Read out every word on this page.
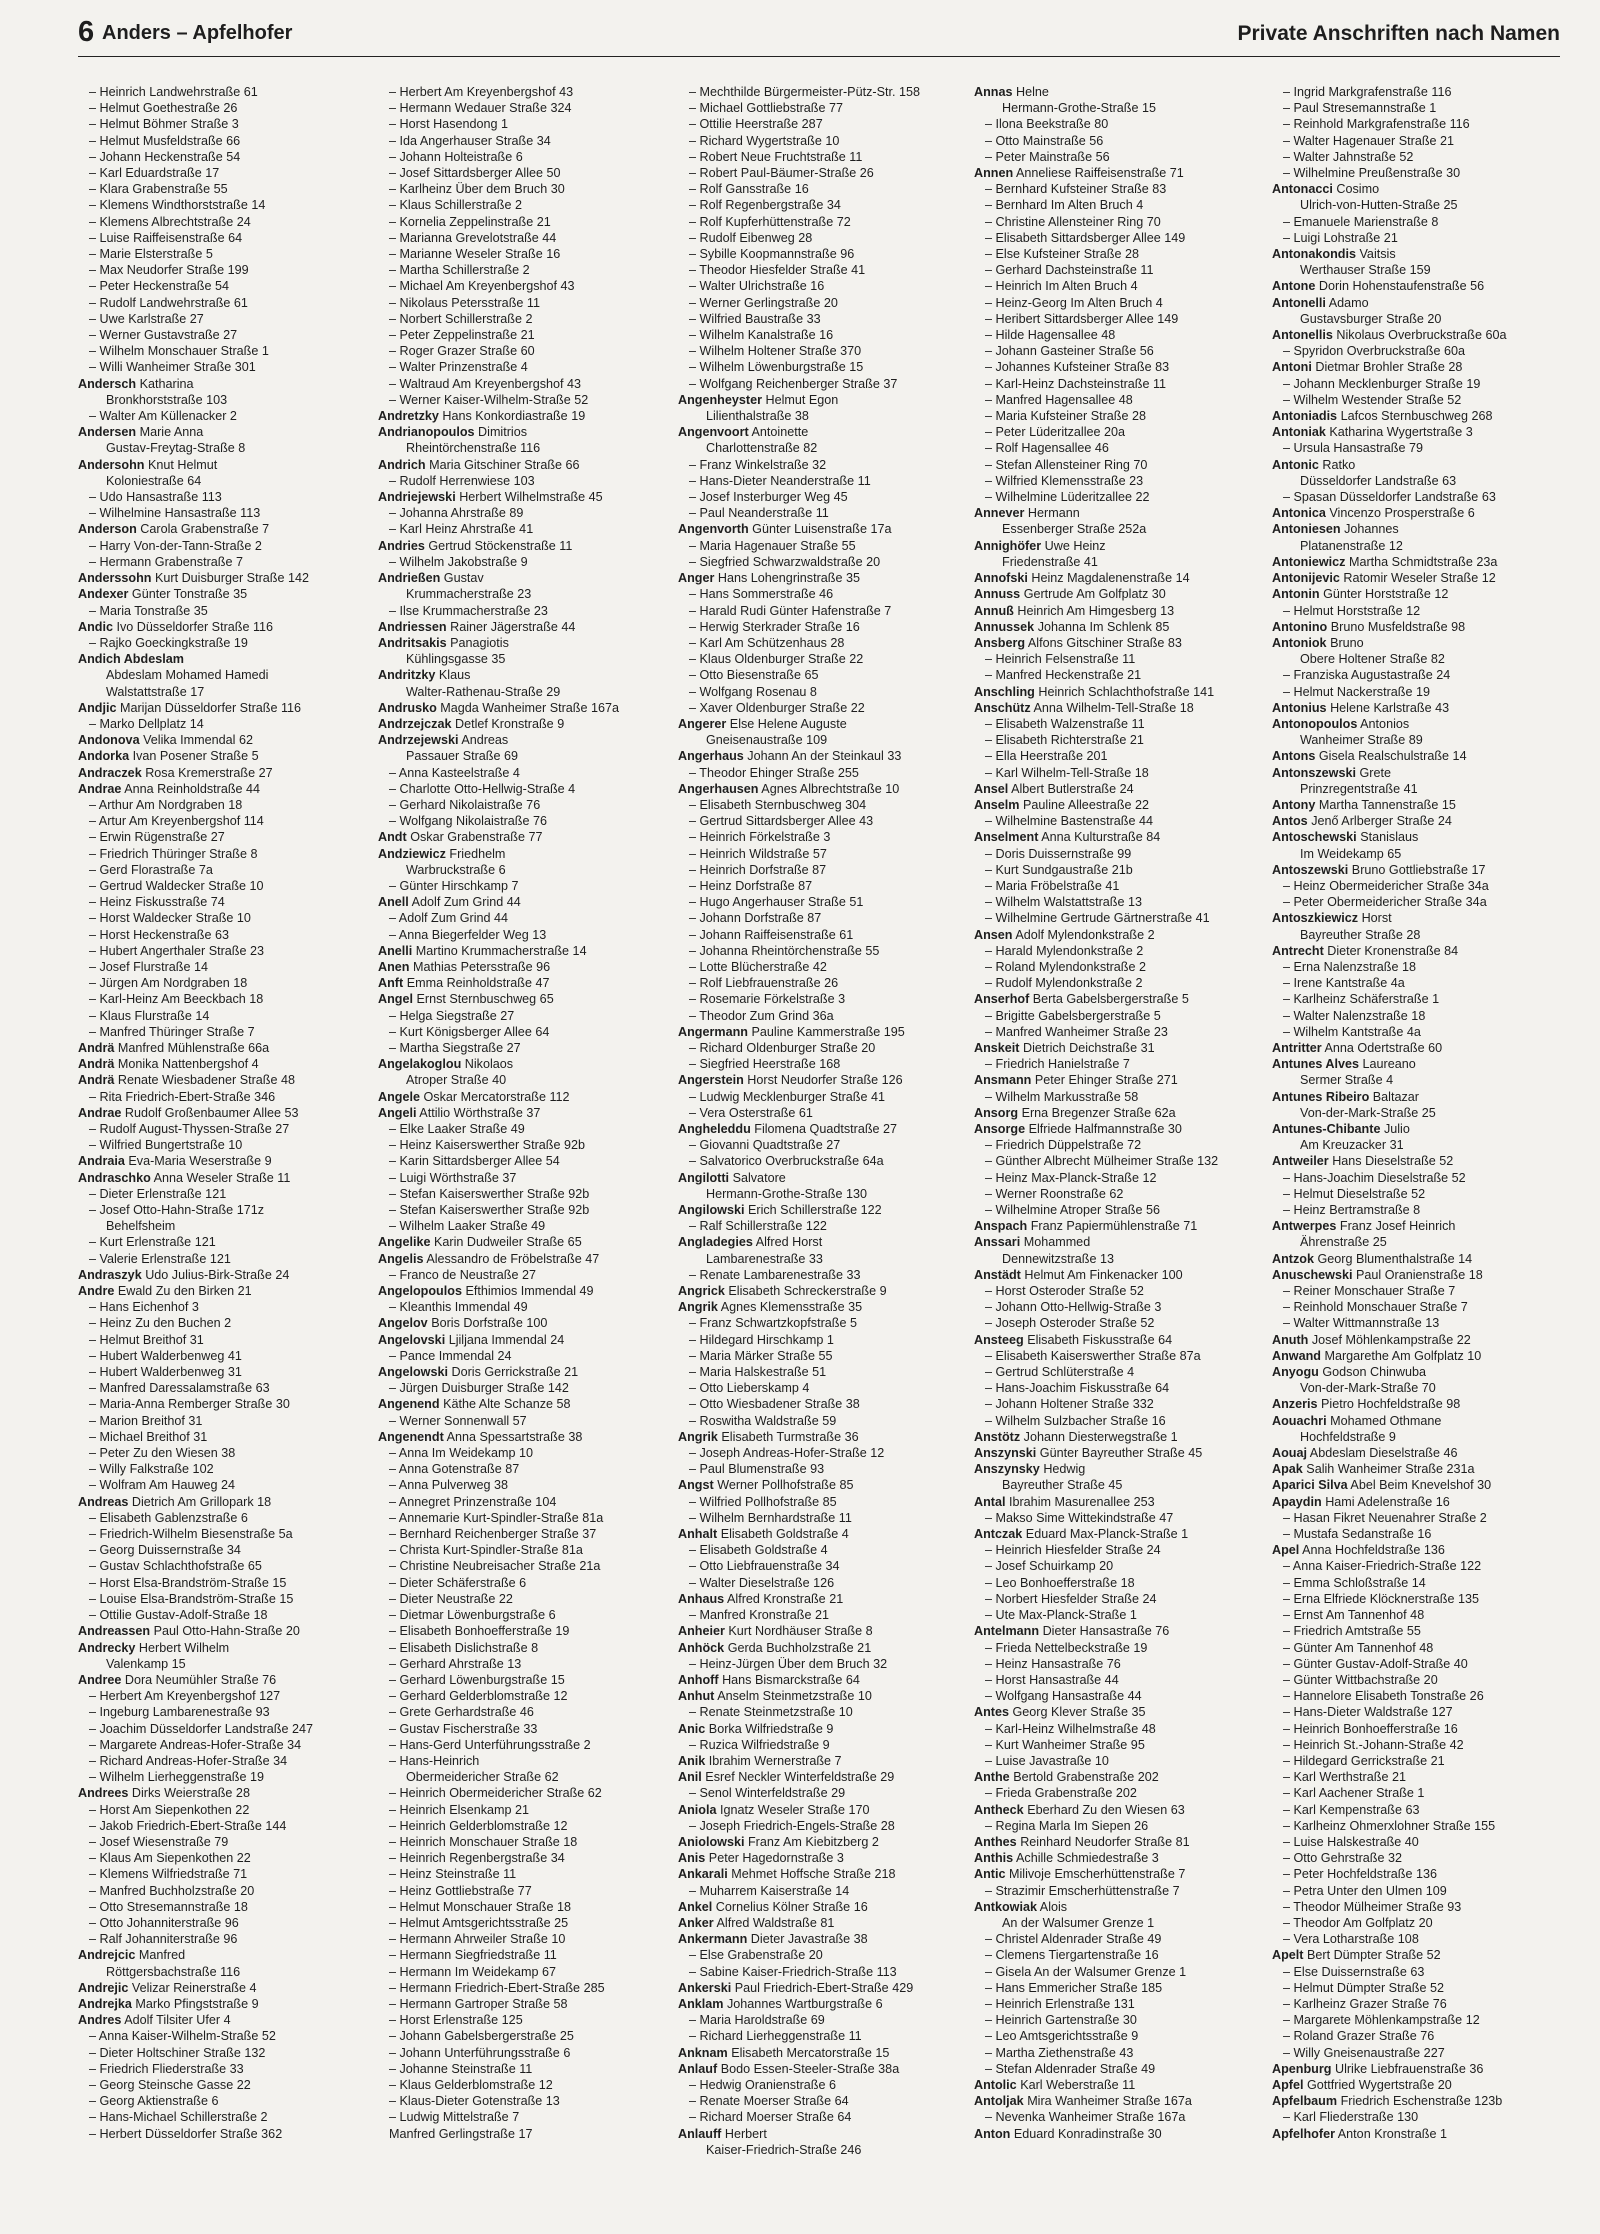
6 Anders – Apfelhofer	Private Anschriften nach Namen
– Heinrich Landwehrstraße 61
– Helmut Goethestraße 26
– Helmut Böhmer Straße 3
– Helmut Musfeldstraße 66
– Johann Heckenstraße 54
– Karl Eduardstraße 17
– Klara Grabenstraße 55
– Klemens Windthorststraße 14
– Klemens Albrechtstraße 24
– Luise Raiffeisenstraße 64
– Marie Elsterstraße 5
– Max Neudorfer Straße 199
– Peter Heckenstraße 54
– Rudolf Landwehrstraße 61
– Uwe Karlstraße 27
– Werner Gustavstraße 27
– Wilhelm Monschauer Straße 1
– Willi Wanheimer Straße 301
Andersch Katharina
Bronkhorststraße 103
– Walter Am Küllenacker 2
Andersen Marie Anna
Gustav-Freytag-Straße 8
Andersohn Knut Helmut
Koloniestraße 64
– Udo Hansastraße 113
– Wilhelmine Hansastraße 113
Anderson Carola Grabenstraße 7
– Harry Von-der-Tann-Straße 2
– Hermann Grabenstraße 7
Anderssohn Kurt Duisburger Straße 142
Andexer Günter Tonstraße 35
– Maria Tonstraße 35
Andic Ivo Düsseldorfer Straße 116
– Rajko Goeckingkstraße 19
Andich Abdeslam
Abdeslam Mohamed Hamedi
Walstattstraße 17
Andjic Marijan Düsseldorfer Straße 116
– Marko Dellplatz 14
Andonova Velika Immendal 62
Andorka Ivan Posener Straße 5
Andraczek Rosa Kremerstraße 27
Andrae Anna Reinholdstraße 44
– Arthur Am Nordgraben 18
– Artur Am Kreyenbergshof 114
– Erwin Rügenstraße 27
– Friedrich Thüringer Straße 8
– Gerd Florastraße 7a
– Gertrud Waldecker Straße 10
– Heinz Fiskusstraße 74
– Horst Waldecker Straße 10
– Horst Heckenstraße 63
– Hubert Angerthaler Straße 23
– Josef Flurstraße 14
– Jürgen Am Nordgraben 18
– Karl-Heinz Am Beeckbach 18
– Klaus Flurstraße 14
– Manfred Thüringer Straße 7
Andrä Manfred Mühlenstraße 66a
Andrä Monika Nattenbergshof 4
Andrä Renate Wiesbadener Straße 48
– Rita Friedrich-Ebert-Straße 346
Andrae Rudolf Großenbaumer Allee 53
– Rudolf August-Thyssen-Straße 27
– Wilfried Bungertstraße 10
Andraia Eva-Maria Weserstraße 9
Andraschko Anna Weseler Straße 11
– Dieter Erlenstraße 121
– Josef Otto-Hahn-Straße 171z
Behelfsheim
– Kurt Erlenstraße 121
– Valerie Erlenstraße 121
Andraszyk Udo Julius-Birk-Straße 24
Andre Ewald Zu den Birken 21
– Hans Eichenhof 3
– Heinz Zu den Buchen 2
– Helmut Breithof 31
– Hubert Walderbenweg 41
– Hubert Walderbenweg 31
– Manfred Daressalamstraße 63
– Maria-Anna Remberger Straße 30
– Marion Breithof 31
– Michael Breithof 31
– Peter Zu den Wiesen 38
– Willy Falkstraße 102
– Wolfram Am Hauweg 24
Andreas Dietrich Am Grillopark 18
– Elisabeth Gablenzstraße 6
– Friedrich-Wilhelm Biesenstraße 5a
– Georg Duissernstraße 34
– Gustav Schlachthofstraße 65
– Horst Elsa-Brandström-Straße 15
– Louise Elsa-Brandström-Straße 15
– Ottilie Gustav-Adolf-Straße 18
Andreassen Paul Otto-Hahn-Straße 20
Andrecky Herbert Wilhelm
Valenkamp 15
Andree Dora Neumühler Straße 76
– Herbert Am Kreyenbergshof 127
– Ingeburg Lambarenestraße 93
– Joachim Düsseldorfer Landstraße 247
– Margarete Andreas-Hofer-Straße 34
– Richard Andreas-Hofer-Straße 34
– Wilhelm Lierheggenstraße 19
Andrees Dirks Weierstraße 28
– Horst Am Siepenkothen 22
– Jakob Friedrich-Ebert-Straße 144
– Josef Wiesenstraße 79
– Klaus Am Siepenkothen 22
– Klemens Wilfriedstraße 71
– Manfred Buchholzstraße 20
– Otto Stresemannstraße 18
– Otto Johanniterstraße 96
– Ralf Johanniterstraße 96
Andrejcic Manfred
Röttgersbachstraße 116
Andrejic Velizar Reinerstraße 4
Andrejka Marko Pfingststraße 9
Andres Adolf Tilsiter Ufer 4
– Anna Kaiser-Wilhelm-Straße 52
– Dieter Holtschiner Straße 132
– Friedrich Fliederstraße 33
– Georg Steinsche Gasse 22
– Georg Aktienstraße 6
– Hans-Michael Schillerstraße 2
– Herbert Düsseldorfer Straße 362
– Herbert Am Kreyenbergshof 43
– Hermann Wedauer Straße 324
– Horst Hasendong 1
– Ida Angerhauser Straße 34
– Johann Holteistraße 6
– Josef Sittardsberger Allee 50
– Karlheinz Über dem Bruch 30
– Klaus Schillerstraße 2
– Kornelia Zeppelinstraße 21
– Marianna Grevelotstraße 44
– Marianne Weseler Straße 16
– Martha Schillerstraße 2
– Michael Am Kreyenbergshof 43
– Nikolaus Petersstraße 11
– Norbert Schillerstraße 2
– Peter Zeppelinstraße 21
– Roger Grazer Straße 60
– Walter Prinzenstraße 4
– Waltraud Am Kreyenbergshof 43
– Werner Kaiser-Wilhelm-Straße 52
Andretzky Hans Konkordiastraße 19
Andrianopoulos Dimitrios
Rheintörchenstraße 116
Andrich Maria Gitschiner Straße 66
– Rudolf Herrenwiese 103
Andriejewski Herbert Wilhelmstraße 45
– Johanna Ahrstraße 89
– Karl Heinz Ahrstraße 41
Andries Gertrud Stöckenstraße 11
– Wilhelm Jakobstraße 9
Andrießen Gustav
Krummacherstraße 23
– Ilse Krummacherstraße 23
Andriessen Rainer Jägerstraße 44
Andritsakis Panagiotis
Kühlingsgasse 35
Andritzky Klaus
Walter-Rathenau-Straße 29
Andrusko Magda Wanheimer Straße 167a
Andrzejczak Detlef Kronstraße 9
Andrzejewski Andreas
Passauer Straße 69
– Anna Kasteelstraße 4
– Charlotte Otto-Hellwig-Straße 4
– Gerhard Nikolaistraße 76
– Wolfgang Nikolaistraße 76
Andt Oskar Grabenstraße 77
Andziewicz Friedhelm
Warbruckstraße 6
– Günter Hirschkamp 7
Anell Adolf Zum Grind 44
– Adolf Zum Grind 44
– Anna Biegerfelder Weg 13
Anelli Martino Krummacherstraße 14
Anen Mathias Petersstraße 96
Anft Emma Reinholdstraße 47
Angel Ernst Sternbuschweg 65
– Helga Siegstraße 27
– Kurt Königsberger Allee 64
– Martha Siegstraße 27
Angelakoglou Nikolaos
Atroper Straße 40
Angele Oskar Mercatorstraße 112
Angeli Attilio Wörthstraße 37
– Elke Laaker Straße 49
– Heinz Kaiserswerther Straße 92b
– Karin Sittardsberger Allee 54
– Luigi Wörthstraße 37
– Stefan Kaiserswerther Straße 92b
– Stefan Kaiserswerther Straße 92b
– Wilhelm Laaker Straße 49
Angelike Karin Dudweiler Straße 65
Angelis Alessandro de Fröbelstraße 47
– Franco de Neustraße 27
Angelopoulos Efthimios Immendal 49
– Kleanthis Immendal 49
Angelov Boris Dorfstraße 100
Angelovski Ljiljana Immendal 24
– Pance Immendal 24
Angelowski Doris Gerrickstraße 21
– Jürgen Duisburger Straße 142
Angenend Käthe Alte Schanze 58
– Werner Sonnenwall 57
Angenendt Anna Spessartstraße 38
– Anna Im Weidekamp 10
– Anna Gotenstraße 87
– Anna Pulverweg 38
– Annegret Prinzenstraße 104
– Annemarie Kurt-Spindler-Straße 81a
– Bernhard Reichenberger Straße 37
– Christa Kurt-Spindler-Straße 81a
– Christine Neubreisacher Straße 21a
– Dieter Schäferstraße 6
– Dieter Neustraße 22
– Dietmar Löwenburgstraße 6
– Elisabeth Bonhoefferstraße 19
– Elisabeth Dislichstraße 8
– Gerhard Ahrstraße 13
– Gerhard Löwenburgstraße 15
– Gerhard Gelderblomstraße 12
– Grete Gerhardstraße 46
– Gustav Fischerstraße 33
– Hans-Gerd Unterführungsstraße 2
– Hans-Heinrich
Obermeidericher Straße 62
– Heinrich Obermeidericher Straße 62
– Heinrich Elsenkamp 21
– Heinrich Gelderblomstraße 12
– Heinrich Monschauer Straße 18
– Heinrich Regenbergstraße 34
– Heinz Steinstraße 11
– Heinz Gottliebstraße 77
– Helmut Monschauer Straße 18
– Helmut Amtsgerichtsstraße 25
– Hermann Ahrweiler Straße 10
– Hermann Siegfriedstraße 11
– Hermann Im Weidekamp 67
– Hermann Friedrich-Ebert-Straße 285
– Hermann Gartroper Straße 58
– Horst Erlenstraße 125
– Johann Gabelsbergerstraße 25
– Johann Unterführungsstraße 6
– Johanne Steinstraße 11
– Klaus Gelderblomstraße 12
– Klaus-Dieter Gotenstraße 13
– Ludwig Mittelstraße 7
Manfred Gerlingstraße 17
– Mechthilde Bürgermeister-Pütz-Str. 158
– Michael Gottliebstraße 77
– Ottilie Heerstraße 287
– Richard Wygertstraße 10
– Robert Neue Fruchtstraße 11
– Robert Paul-Bäumer-Straße 26
– Rolf Gansstraße 16
– Rolf Regenbergstraße 34
– Rolf Kupferhüttenstraße 72
– Rudolf Eibenweg 28
– Sybille Koopmannstraße 96
– Theodor Hiesfelder Straße 41
– Walter Ulrichstraße 16
– Werner Gerlingstraße 20
– Wilfried Baustraße 33
– Wilhelm Kanalstraße 16
– Wilhelm Holtener Straße 370
– Wilhelm Löwenburgstraße 15
– Wolfgang Reichenberger Straße 37
Angenheyster Helmut Egon
Lilienthalstraße 38
Angenvoort Antoinette
Charlottenstraße 82
– Franz Winkelstraße 32
– Hans-Dieter Neanderstraße 11
– Josef Insterburger Weg 45
– Paul Neanderstraße 11
Angenvorth Günter Luisenstraße 17a
– Maria Hagenauer Straße 55
– Siegfried Schwarzwaldstraße 20
Anger Hans Lohengrinstraße 35
– Hans Sommerstraße 46
– Harald Rudi Günter Hafenstraße 7
– Herwig Sterkrader Straße 16
– Karl Am Schützenhaus 28
– Klaus Oldenburger Straße 22
– Otto Biesenstraße 65
– Wolfgang Rosenau 8
– Xaver Oldenburger Straße 22
Angerer Else Helene Auguste
Gneisenaustraße 109
Angerhaus Johann An der Steinkaul 33
– Theodor Ehinger Straße 255
Angerhausen Agnes Albrechtstraße 10
– Elisabeth Sternbuschweg 304
– Gertrud Sittardsberger Allee 43
– Heinrich Förkelstraße 3
– Heinrich Wildstraße 57
– Heinrich Dorfstraße 87
– Heinz Dorfstraße 87
– Hugo Angerhauser Straße 51
– Johann Dorfstraße 87
– Johann Raiffeisenstraße 61
– Johanna Rheintörchenstraße 55
– Lotte Blücherstraße 42
– Rolf Liebfrauenstraße 26
– Rosemarie Förkelstraße 3
– Theodor Zum Grind 36a
Angermann Pauline Kammerstraße 195
– Richard Oldenburger Straße 20
– Siegfried Heerstraße 168
Angerstein Horst Neudorfer Straße 126
– Ludwig Mecklenburger Straße 41
– Vera Osterstraße 61
Angheleddu Filomena Quadtstraße 27
– Giovanni Quadtstraße 27
– Salvatorico Overbruckstraße 64a
Angilotti Salvatore
Hermann-Grothe-Straße 130
Angilowski Erich Schillerstraße 122
– Ralf Schillerstraße 122
Angladegies Alfred Horst
Lambarenestraße 33
– Renate Lambarenestraße 33
Angrick Elisabeth Schreckerstraße 9
Angrik Agnes Klemensstraße 35
– Franz Schwartzkopfstraße 5
– Hildegard Hirschkamp 1
– Maria Märker Straße 55
– Maria Halskestraße 51
– Otto Lieberskamp 4
– Otto Wiesbadener Straße 38
– Roswitha Waldstraße 59
Angrik Elisabeth Turmstraße 36
– Joseph Andreas-Hofer-Straße 12
– Paul Blumenstraße 93
Angst Werner Pollhofstraße 85
– Wilfried Pollhofstraße 85
– Wilhelm Bernhardstraße 11
Anhalt Elisabeth Goldstraße 4
– Elisabeth Goldstraße 4
– Otto Liebfrauenstraße 34
– Walter Dieselstraße 126
Anhaus Alfred Kronstraße 21
– Manfred Kronstraße 21
Anheier Kurt Nordhäuser Straße 8
Anhöck Gerda Buchholzstraße 21
– Heinz-Jürgen Über dem Bruch 32
Anhoff Hans Bismarckstraße 64
Anhut Anselm Steinmetzstraße 10
– Renate Steinmetzstraße 10
Anic Borka Wilfriedstraße 9
– Ruzica Wilfriedstraße 9
Anik Ibrahim Wernerstraße 7
Anil Esref Neckler Winterfeldstraße 29
– Senol Winterfeldstraße 29
Aniola Ignatz Weseler Straße 170
– Joseph Friedrich-Engels-Straße 28
Aniolowski Franz Am Kiebitzberg 2
Anis Peter Hagedornstraße 3
Ankarali Mehmet Hoffsche Straße 218
– Muharrem Kaiserstraße 14
Ankel Cornelius Kölner Straße 16
Anker Alfred Waldstraße 81
Ankermann Dieter Javastraße 38
– Else Grabenstraße 20
– Sabine Kaiser-Friedrich-Straße 113
Ankerski Paul Friedrich-Ebert-Straße 429
Anklam Johannes Wartburgstraße 6
– Maria Haroldstraße 69
– Richard Lierheggenstraße 11
Anknam Elisabeth Mercatorstraße 15
Anlauf Bodo Essen-Steeler-Straße 38a
– Hedwig Oranienstraße 6
– Renate Moerser Straße 64
– Richard Moerser Straße 64
Anlauff Herbert
Kaiser-Friedrich-Straße 246
Annas Helne
Hermann-Grothe-Straße 15
– Ilona Beekstraße 80
– Otto Mainstraße 56
– Peter Mainstraße 56
Annen Anneliese Raiffeisenstraße 71
– Bernhard Kufsteiner Straße 83
– Bernhard Im Alten Bruch 4
– Christine Allensteiner Ring 70
– Elisabeth Sittardsberger Allee 149
– Else Kufsteiner Straße 28
– Gerhard Dachsteinstraße 11
– Heinrich Im Alten Bruch 4
– Heinz-Georg Im Alten Bruch 4
– Heribert Sittardsberger Allee 149
– Hilde Hagensallee 48
– Johann Gasteiner Straße 56
– Johannes Kufsteiner Straße 83
– Karl-Heinz Dachsteinstraße 11
– Manfred Hagensallee 48
– Maria Kufsteiner Straße 28
– Peter Lüderitzallee 20a
– Rolf Hagensallee 46
– Stefan Allensteiner Ring 70
– Wilfried Klemensstraße 23
– Wilhelmine Lüderitzallee 22
Annever Hermann
Essenberger Straße 252a
Annighöfer Uwe Heinz
Friedenstraße 41
Annofski Heinz Magdalenenstraße 14
Annuss Gertrude Am Golfplatz 30
Annuß Heinrich Am Himgesberg 13
Annussek Johanna Im Schlenk 85
Ansberg Alfons Gitschiner Straße 83
– Heinrich Felsenstraße 11
– Manfred Heckenstraße 21
Anschling Heinrich Schlachthofstraße 141
Anschütz Anna Wilhelm-Tell-Straße 18
– Elisabeth Walzenstraße 11
– Elisabeth Richterstraße 21
– Ella Heerstraße 201
– Karl Wilhelm-Tell-Straße 18
Ansel Albert Butlerstraße 24
Anselm Pauline Alleestraße 22
– Wilhelmine Bastenstraße 44
Anselment Anna Kulturstraße 84
– Doris Duissernstraße 99
– Kurt Sundgaustraße 21b
– Maria Fröbelstraße 41
– Wilhelm Walstattstraße 13
– Wilhelmine Gertrude Gärtnerstraße 41
Ansen Adolf Mylendonkstraße 2
– Harald Mylendonkstraße 2
– Roland Mylendonkstraße 2
– Rudolf Mylendonkstraße 2
Anserhof Berta Gabelsbergerstraße 5
– Brigitte Gabelsbergerstraße 5
– Manfred Wanheimer Straße 23
Anskeit Dietrich Deichstraße 31
– Friedrich Hanielstraße 7
Ansmann Peter Ehinger Straße 271
– Wilhelm Markusstraße 58
Ansorg Erna Bregenzer Straße 62a
Ansorge Elfriede Halfmannstraße 30
– Friedrich Düppelstraße 72
– Günther Albrecht Mülheimer Straße 132
– Heinz Max-Planck-Straße 12
– Werner Roonstraße 62
– Wilhelmine Atroper Straße 56
Anspach Franz Papiermühlenstraße 71
Anssari Mohammed
Dennewitzstraße 13
Anstädt Helmut Am Finkenacker 100
– Horst Osteroder Straße 52
– Johann Otto-Hellwig-Straße 3
– Joseph Osteroder Straße 52
Ansteeg Elisabeth Fiskusstraße 64
– Elisabeth Kaiserswerther Straße 87a
– Gertrud Schlüterstraße 4
– Hans-Joachim Fiskusstraße 64
– Johann Holtener Straße 332
– Wilhelm Sulzbacher Straße 16
Anstötz Johann Diesterwegstraße 1
Anszynski Günter Bayreuther Straße 45
Anszynsky Hedwig
Bayreuther Straße 45
Antal Ibrahim Masurenallee 253
– Makso Sime Wittekindstraße 47
Antczak Eduard Max-Planck-Straße 1
– Heinrich Hiesfelder Straße 24
– Josef Schuirkamp 20
– Leo Bonhoefferstraße 18
– Norbert Hiesfelder Straße 24
– Ute Max-Planck-Straße 1
Antelmann Dieter Hansastraße 76
– Frieda Nettelbeckstraße 19
– Heinz Hansastraße 76
– Horst Hansastraße 44
– Wolfgang Hansastraße 44
Antes Georg Klever Straße 35
– Karl-Heinz Wilhelmstraße 48
– Kurt Wanheimer Straße 95
– Luise Javastraße 10
Anthe Bertold Grabenstraße 202
– Frieda Grabenstraße 202
Antheck Eberhard Zu den Wiesen 63
– Regina Marla Im Siepen 26
Anthes Reinhard Neudorfer Straße 81
Anthis Achille Schmiedestraße 3
Antic Milivoje Emscherhüttenstraße 7
– Strazimir Emscherhüttenstraße 7
Antkowiak Alois
An der Walsumer Grenze 1
– Christel Aldenrader Straße 49
– Clemens Tiergartenstraße 16
– Gisela An der Walsumer Grenze 1
– Hans Emmericher Straße 185
– Heinrich Erlenstraße 131
– Heinrich Gartenstraße 30
– Leo Amtsgerichtsstraße 9
– Martha Ziethenstraße 43
– Stefan Aldenrader Straße 49
Antolic Karl Weberstraße 11
Antoljak Mira Wanheimer Straße 167a
– Nevenka Wanheimer Straße 167a
Anton Eduard Konradinstraße 30
– Ingrid Markgrafenstraße 116
– Paul Stresemannstraße 1
– Reinhold Markgrafenstraße 116
– Walter Hagenauer Straße 21
– Walter Jahnstraße 52
– Wilhelmine Preußenstraße 30
Antonacci Cosimo
Ulrich-von-Hutten-Straße 25
– Emanuele Marienstraße 8
– Luigi Lohstraße 21
Antonakondis Vaitsis
Werthauser Straße 159
Antone Dorin Hohenstaufenstraße 56
Antonelli Adamo
Gustavsburger Straße 20
Antonellis Nikolaus Overbruckstraße 60a
– Spyridon Overbruckstraße 60a
Antoni Dietmar Brohler Straße 28
– Johann Mecklenburger Straße 19
– Wilhelm Westender Straße 52
Antoniadis Lafcos Sternbuschweg 268
Antoniak Katharina Wygertstraße 3
– Ursula Hansastraße 79
Antonic Ratko
Düsseldorfer Landstraße 63
– Spasan Düsseldorfer Landstraße 63
Antonica Vincenzo Prosperstraße 6
Antoniesen Johannes
Platanenstraße 12
Antoniewicz Martha Schmidtstraße 23a
Antonijevic Ratomir Weseler Straße 12
Antonin Günter Horststraße 12
– Helmut Horststraße 12
Antonino Bruno Musfeldstraße 98
Antoniok Bruno
Obere Holtener Straße 82
– Franziska Augustastraße 24
– Helmut Nackerstraße 19
Antonius Helene Karlstraße 43
Antonopoulos Antonios
Wanheimer Straße 89
Antons Gisela Realschulstraße 14
Antonszewski Grete
Prinzregentstraße 41
Antony Martha Tannenstraße 15
Antos Jenő Arlberger Straße 24
Antoschewski Stanislaus
Im Weidekamp 65
Antoszewski Bruno Gottliebstraße 17
– Heinz Obermeidericher Straße 34a
– Peter Obermeidericher Straße 34a
Antoszkiewicz Horst
Bayreuther Straße 28
Antrecht Dieter Kronenstraße 84
– Erna Nalenzstraße 18
– Irene Kantstraße 4a
– Karlheinz Schäferstraße 1
– Walter Nalenzstraße 18
– Wilhelm Kantstraße 4a
Antritter Anna Odertstraße 60
Antunes Alves Laureano
Sermer Straße 4
Antunes Ribeiro Baltazar
Von-der-Mark-Straße 25
Antunes-Chibante Julio
Am Kreuzacker 31
Antweiler Hans Dieselstraße 52
– Hans-Joachim Dieselstraße 52
– Helmut Dieselstraße 52
– Heinz Bertramstraße 8
Antwerpes Franz Josef Heinrich
Ährenstraße 25
Antzok Georg Blumenthalstraße 14
Anuschewski Paul Oranienstraße 18
– Reiner Monschauer Straße 7
– Reinhold Monschauer Straße 7
– Walter Wittmannstraße 13
Anuth Josef Möhlenkampstraße 22
Anwand Margarethe Am Golfplatz 10
Anyogu Godson Chinwuba
Von-der-Mark-Straße 70
Anzeris Pietro Hochfeldstraße 98
Aouachri Mohamed Othmane
Hochfeldstraße 9
Aouaj Abdeslam Dieselstraße 46
Apak Salih Wanheimer Straße 231a
Aparici Silva Abel Beim Knevelshof 30
Apaydin Hami Adelenstraße 16
– Hasan Fikret Neuenahrer Straße 2
– Mustafa Sedanstraße 16
Apel Anna Hochfeldstraße 136
– Anna Kaiser-Friedrich-Straße 122
– Emma Schloßstraße 14
– Erna Elfriede Klöcknerstraße 135
– Ernst Am Tannenhof 48
– Friedrich Amtstraße 55
– Günter Am Tannenhof 48
– Günter Gustav-Adolf-Straße 40
– Günter Wittbachstraße 20
– Hannelore Elisabeth Tonstraße 26
– Hans-Dieter Waldstraße 127
– Heinrich Bonhoefferstraße 16
– Heinrich St.-Johann-Straße 42
– Hildegard Gerrickstraße 21
– Karl Werthstraße 21
– Karl Aachener Straße 1
– Karl Kempenstraße 63
– Karlheinz Ohmerxlohner Straße 155
– Luise Halskestraße 40
– Otto Gehrstraße 32
– Peter Hochfeldstraße 136
– Petra Unter den Ulmen 109
– Theodor Mülheimer Straße 93
– Theodor Am Golfplatz 20
– Vera Lotharstraße 108
Apelt Bert Dümpter Straße 52
– Else Duissernstraße 63
– Helmut Dümpter Straße 52
– Karlheinz Grazer Straße 76
– Margarete Möhlenkampstraße 12
– Roland Grazer Straße 76
– Willy Gneisenaustraße 227
Apenburg Ulrike Liebfrauenstraße 36
Apfel Gottfried Wygertstraße 20
Apfelbaum Friedrich Eschenstraße 123b
– Karl Fliederstraße 130
Apfelhofer Anton Kronstraße 1
